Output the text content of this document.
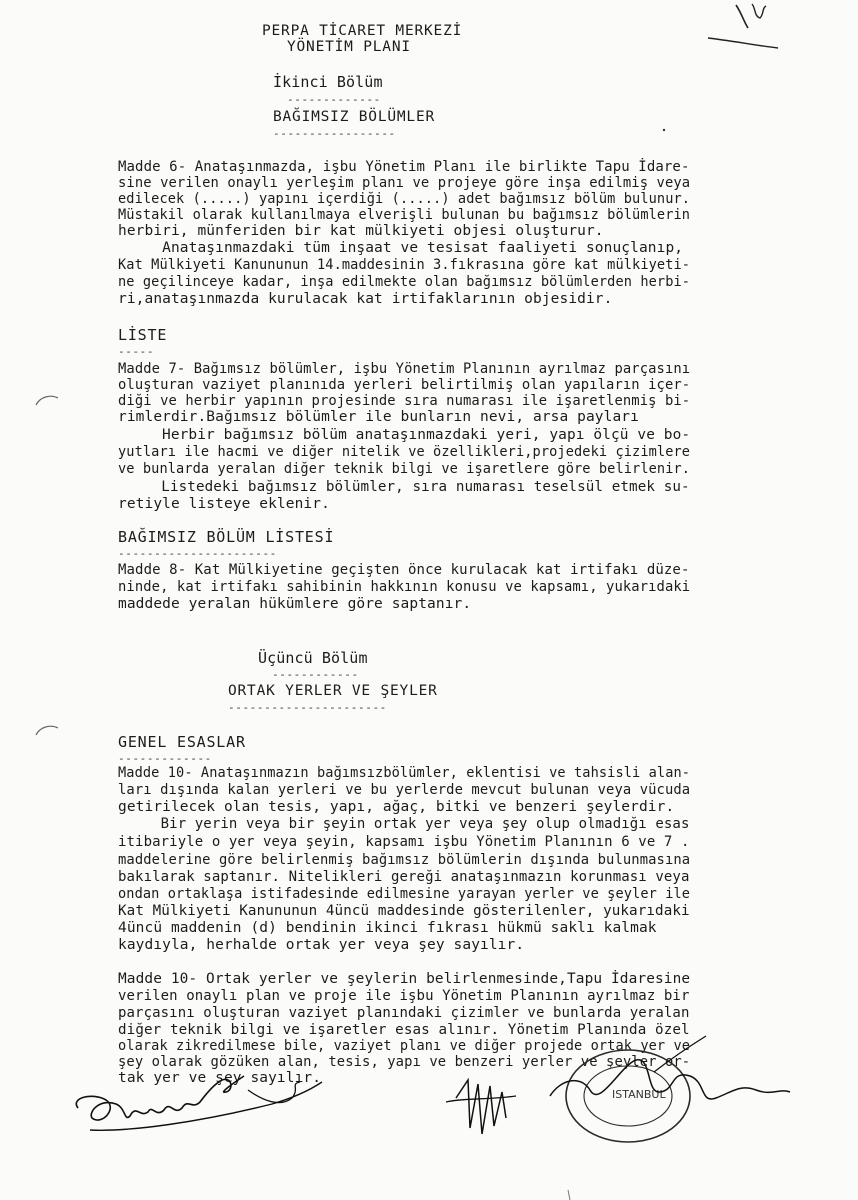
PERPA TİCARET MERKEZİ
YÖNETİM PLANI
İkinci Bölüm
-------------
BAĞIMSIZ BÖLÜMLER
-----------------
Madde 6- Anataşınmazda, işbu Yönetim Planı ile birlikte Tapu İdare-
sine verilen onaylı yerleşim planı ve projeye göre inşa edilmiş veya
edilecek (.....) yapını içerdiği (.....) adet bağımsız bölüm bulunur.
Müstakil olarak kullanılmaya elverişli bulunan bu bağımsız bölümlerin
herbiri, münferiden bir kat mülkiyeti objesi oluşturur.
Anataşınmazdaki tüm inşaat ve tesisat faaliyeti sonuçlanıp,
Kat Mülkiyeti Kanununun 14.maddesinin 3.fıkrasına göre kat mülkiyeti-
ne geçilinceye kadar, inşa edilmekte olan bağımsız bölümlerden herbi-
ri,anataşınmazda kurulacak kat irtifaklarının objesidir.
LİSTE
-----
Madde 7- Bağımsız bölümler, işbu Yönetim Planının ayrılmaz parçasını
oluşturan vaziyet planınıda yerleri belirtilmiş olan yapıların içer-
diği ve herbir yapının projesinde sıra numarası ile işaretlenmiş bi-
rimlerdir.Bağımsız bölümler ile bunların nevi, arsa payları
Herbir bağımsız bölüm anataşınmazdaki yeri, yapı ölçü ve bo-
yutları ile hacmi ve diğer nitelik ve özellikleri,projedeki çizimlere
ve bunlarda yeralan diğer teknik bilgi ve işaretlere göre belirlenir.
Listedeki bağımsız bölümler, sıra numarası teselsül etmek su-
retiyle listeye eklenir.
BAĞIMSIZ BÖLÜM LİSTESİ
----------------------
Madde 8- Kat Mülkiyetine geçişten önce kurulacak kat irtifakı düze-
ninde, kat irtifakı sahibinin hakkının konusu ve kapsamı, yukarıdaki
maddede yeralan hükümlere göre saptanır.
Üçüncü Bölüm
------------
ORTAK YERLER VE ŞEYLER
----------------------
GENEL ESASLAR
-------------
Madde 10- Anataşınmazın bağımsızbölümler, eklentisi ve tahsisli alan-
ları dışında kalan yerleri ve bu yerlerde mevcut bulunan veya vücuda
getirilecek olan tesis, yapı, ağaç, bitki ve benzeri şeylerdir.
Bir yerin veya bir şeyin ortak yer veya şey olup olmadığı esas
itibariyle o yer veya şeyin, kapsamı işbu Yönetim Planının 6 ve 7 .
maddelerine göre belirlenmiş bağımsız bölümlerin dışında bulunmasına
bakılarak saptanır. Nitelikleri gereği anataşınmazın korunması veya
ondan ortaklaşa istifadesinde edilmesine yarayan yerler ve şeyler ile
Kat Mülkiyeti Kanununun 4üncü maddesinde gösterilenler, yukarıdaki
4üncü maddenin (d) bendinin ikinci fıkrası hükmü saklı kalmak
kaydıyla, herhalde ortak yer veya şey sayılır.
Madde 10- Ortak yerler ve şeylerin belirlenmesinde,Tapu İdaresine
verilen onaylı plan ve proje ile işbu Yönetim Planının ayrılmaz bir
parçasını oluşturan vaziyet planındaki çizimler ve bunlarda yeralan
diğer teknik bilgi ve işaretler esas alınır. Yönetim Planında özel
olarak zikredilmese bile, vaziyet planı ve diğer projede ortak yer ve
şey olarak gözüken alan, tesis, yapı ve benzeri yerler ve şeyler or-
tak yer ve şey sayılır.
ISTANBUL
